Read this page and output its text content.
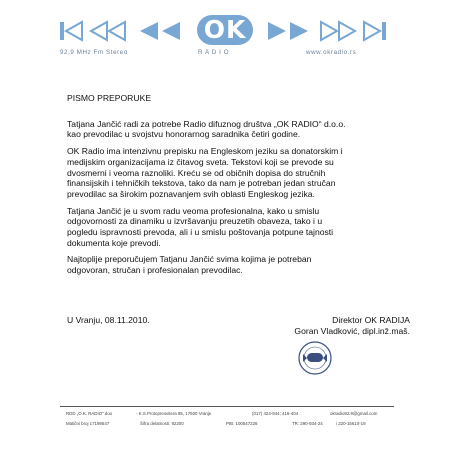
OK
92.9 MHz Fm Stereo	R A D I O	www.okradio.rs
PISMO PREPORUKE

Tatjana Jančić radi za potrebe Radio difuznog društva „OK RADIO“ d.o.o.
kao prevodilac u svojstvu honorarnog saradnika četiri godine.

OK Radio ima intenzivnu prepisku na Engleskom jeziku sa donatorskim i
medijskim organizacijama iz čitavog sveta. Tekstovi koji se prevode su
dvosmerni i veoma raznoliki. Kreću se od običnih dopisa do stručnih
finansijskih i tehničkih tekstova, tako da nam je potreban jedan stručan
prevodilac sa širokim poznavanjem svih oblasti Engleskog jezika.

Tatjana Jančić je u svom radu veoma profesionalna, kako u smislu
odgovornosti za dinamiku u izvršavanju preuzetih obaveza, tako i u
pogledu ispravnosti prevoda, ali i u smislu poštovanja potpune tajnosti
dokumenta koje prevodi.

Najtoplije preporučujem Tatjanu Jančić svima kojima je potreban
odgovoran, stručan i profesionalan prevodilac.

U Vranju, 08.11.2010.	Direktor OK RADIJA
Goran Vladković, dipl.inž.maš.
RDD „O.K. RADIO“ doo	- K.S.Protopresvitera 85, 17500 Vranje	(017) 424-944; 416-404	okradio92.9@gmail.com
Matični broj 17199547	Šifra delatnosti: 92200	PIB: 100547226	TR: 290-934-24	i 220-15610-19
